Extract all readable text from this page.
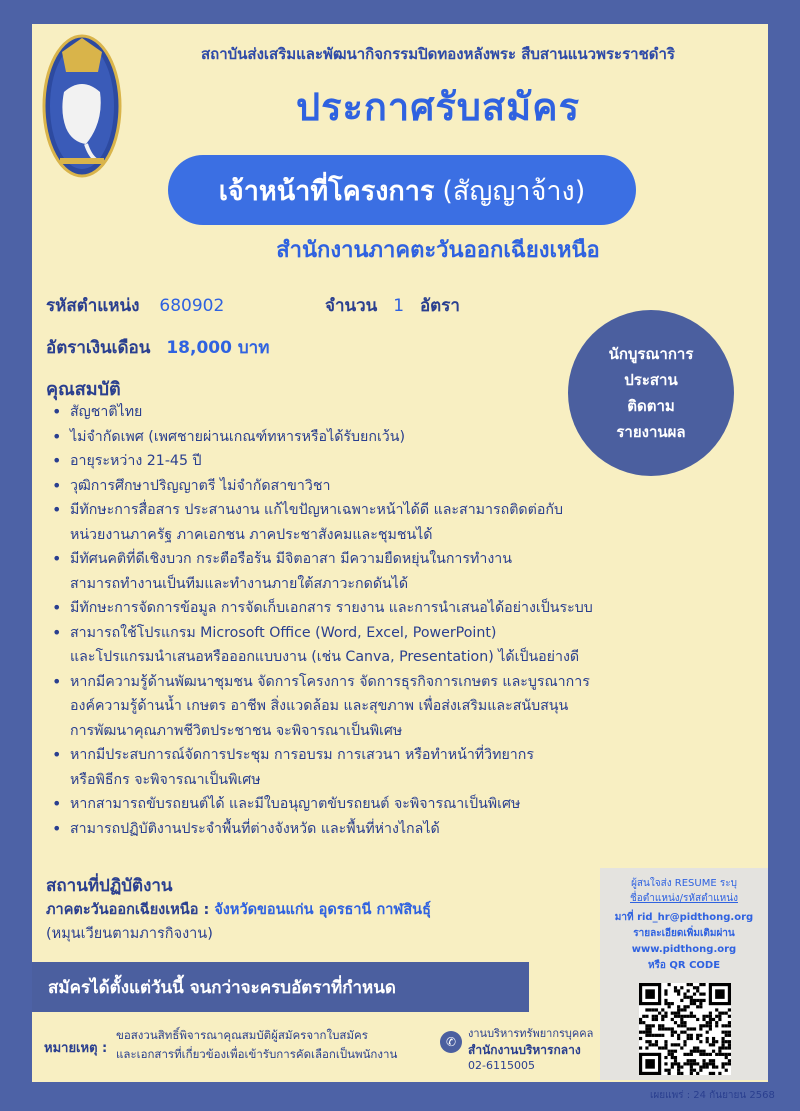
สถาบันส่งเสริมและพัฒนากิจกรรมปิดทองหลังพระ สืบสานแนวพระราชดำริ
ประกาศรับสมัคร
เจ้าหน้าที่โครงการ (สัญญาจ้าง)
สำนักงานภาคตะวันออกเฉียงเหนือ
รหัสตำแหน่ง 680902	จำนวน 1 อัตรา
อัตราเงินเดือน 18,000 บาท	นักบูรณาการ
ประสาน
ติดตาม
รายงานผล
คุณสมบัติ
• สัญชาติไทย
• ไม่จำกัดเพศ (เพศชายผ่านเกณฑ์ทหารหรือได้รับยกเว้น)
• อายุระหว่าง 21-45 ปี
• วุฒิการศึกษาปริญญาตรี ไม่จำกัดสาขาวิชา
• มีทักษะการสื่อสาร ประสานงาน แก้ไขปัญหาเฉพาะหน้าได้ดี และสามารถติดต่อกับ
หน่วยงานภาครัฐ ภาคเอกชน ภาคประชาสังคมและชุมชนได้
• มีทัศนคติที่ดีเชิงบวก กระตือรือร้น มีจิตอาสา มีความยืดหยุ่นในการทำงาน
สามารถทำงานเป็นทีมและทำงานภายใต้สภาวะกดดันได้
• มีทักษะการจัดการข้อมูล การจัดเก็บเอกสาร รายงาน และการนำเสนอได้อย่างเป็นระบบ
• สามารถใช้โปรแกรม Microsoft Office (Word, Excel, PowerPoint)
และโปรแกรมนำเสนอหรือออกแบบงาน (เช่น Canva, Presentation) ได้เป็นอย่างดี
• หากมีความรู้ด้านพัฒนาชุมชน จัดการโครงการ จัดการธุรกิจการเกษตร และบูรณาการ
องค์ความรู้ด้านน้ำ เกษตร อาชีพ สิ่งแวดล้อม และสุขภาพ เพื่อส่งเสริมและสนับสนุน
การพัฒนาคุณภาพชีวิตประชาชน จะพิจารณาเป็นพิเศษ
• หากมีประสบการณ์จัดการประชุม การอบรม การเสวนา หรือทำหน้าที่วิทยากร
หรือพิธีกร จะพิจารณาเป็นพิเศษ
• หากสามารถขับรถยนต์ได้ และมีใบอนุญาตขับรถยนต์ จะพิจารณาเป็นพิเศษ
• สามารถปฏิบัติงานประจำพื้นที่ต่างจังหวัด และพื้นที่ห่างไกลได้
สถานที่ปฏิบัติงาน
ภาคตะวันออกเฉียงเหนือ : จังหวัดขอนแก่น อุดรธานี กาฬสินธุ์
(หมุนเวียนตามภารกิจงาน)
สมัครได้ตั้งแต่วันนี้ จนกว่าจะครบอัตราที่กำหนด
หมายเหตุ :
ขอสงวนสิทธิ์พิจารณาคุณสมบัติผู้สมัครจากใบสมัคร
และเอกสารที่เกี่ยวข้องเพื่อเข้ารับการคัดเลือกเป็นพนักงาน
✆
งานบริหารทรัพยากรบุคคล
สำนักงานบริหารกลาง
02-6115005
ผู้สนใจส่ง RESUME ระบุ
ชื่อตำแหน่ง/รหัสตำแหน่ง
มาที่ rid_hr@pidthong.org
รายละเอียดเพิ่มเติมผ่าน
www.pidthong.org
หรือ QR CODE
เผยแพร่ : 24 กันยายน 2568
